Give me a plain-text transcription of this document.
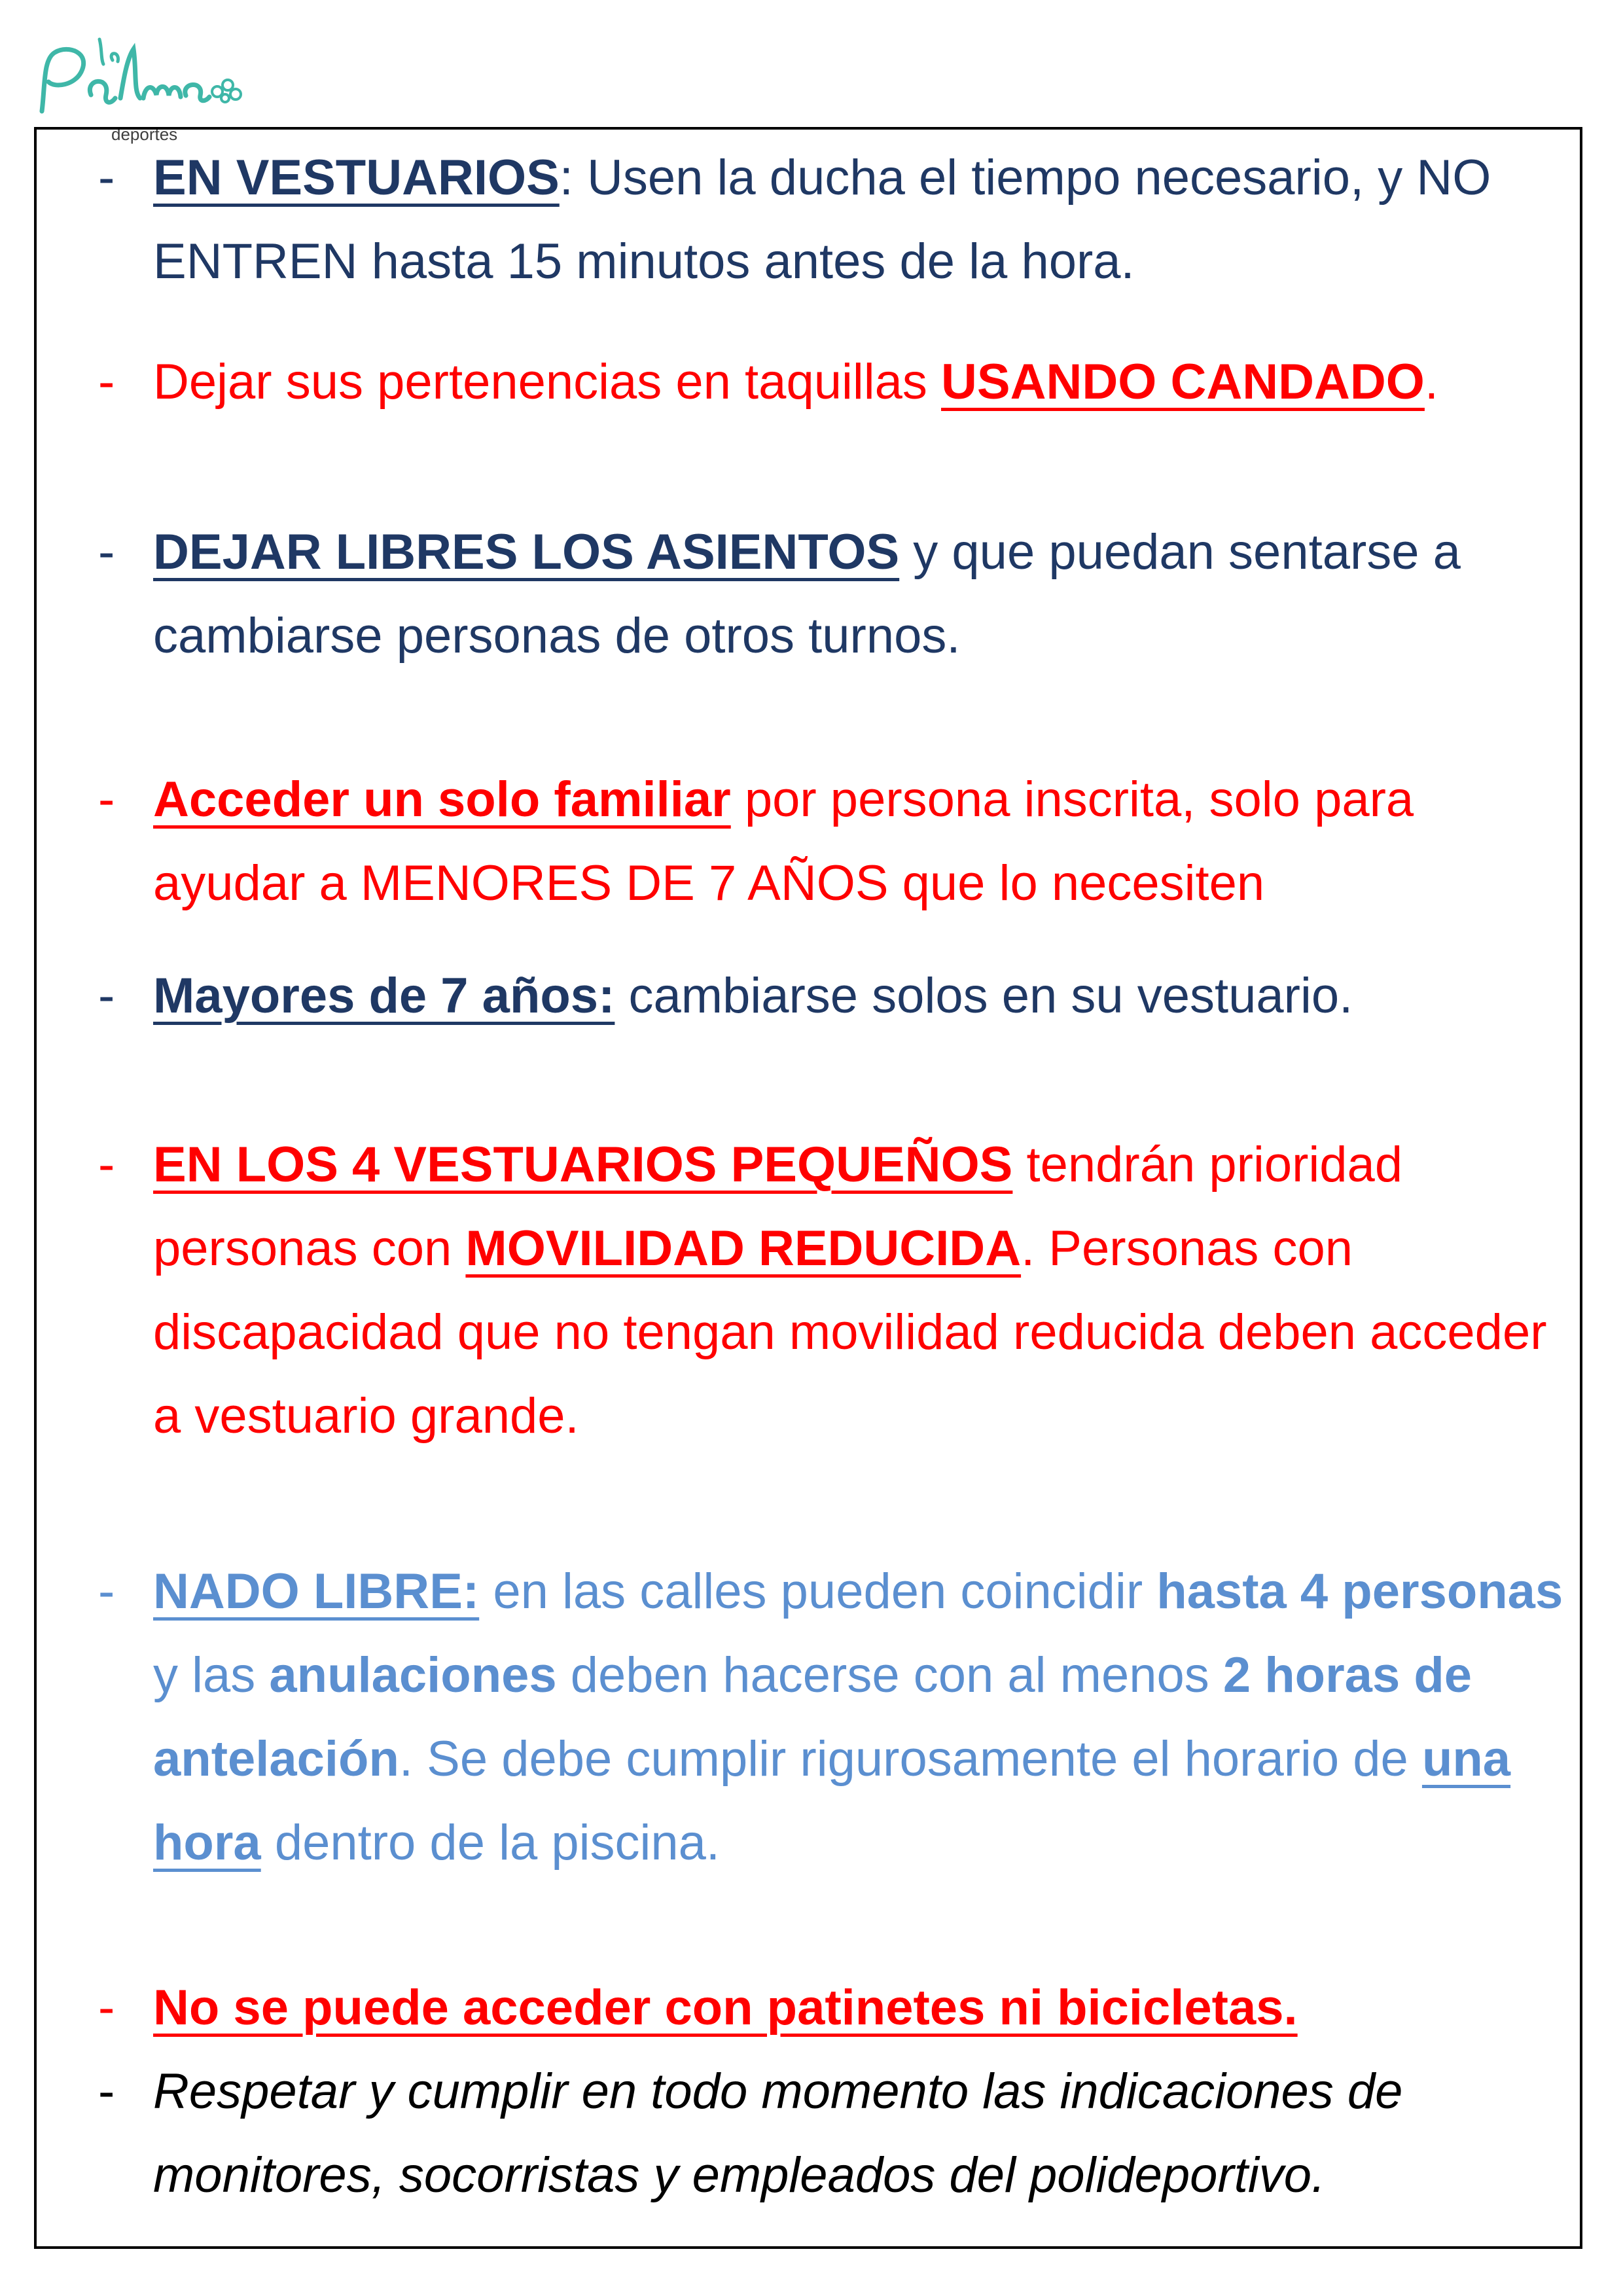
deportes
- EN VESTUARIOS: Usen la ducha el tiempo necesario, y NO ENTREN hasta 15 minutos antes de la hora.
- Dejar sus pertenencias en taquillas USANDO CANDADO.
- DEJAR LIBRES LOS ASIENTOS y que puedan sentarse a cambiarse personas de otros turnos.
- Acceder un solo familiar por persona inscrita, solo para ayudar a MENORES DE 7 AÑOS que lo necesiten
- Mayores de 7 años: cambiarse solos en su vestuario.
- EN LOS 4 VESTUARIOS PEQUEÑOS tendrán prioridad personas con MOVILIDAD REDUCIDA. Personas con discapacidad que no tengan movilidad reducida deben acceder a vestuario grande.
- NADO LIBRE: en las calles pueden coincidir hasta 4 personas y las anulaciones deben hacerse con al menos 2 horas de antelación. Se debe cumplir rigurosamente el horario de una hora dentro de la piscina.
- No se puede acceder con patinetes ni bicicletas.
- Respetar y cumplir en todo momento las indicaciones de monitores, socorristas y empleados del polideportivo.
